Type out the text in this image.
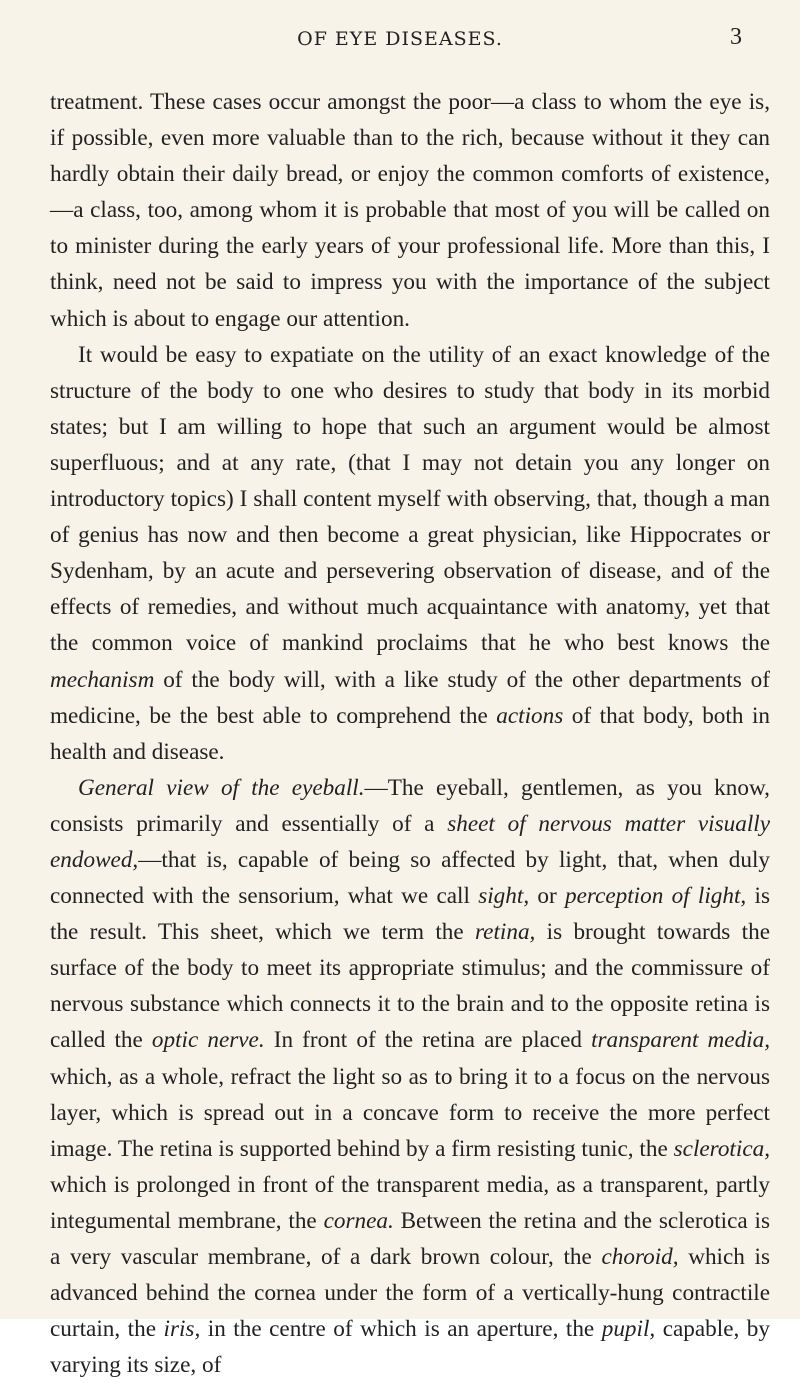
OF EYE DISEASES.	3

treatment. These cases occur amongst the poor—a class to whom the eye is, if possible, even more valuable than to the rich, because without it they can hardly obtain their daily bread, or enjoy the common comforts of existence,—a class, too, among whom it is probable that most of you will be called on to minister during the early years of your professional life. More than this, I think, need not be said to impress you with the importance of the subject which is about to engage our attention.

It would be easy to expatiate on the utility of an exact knowledge of the structure of the body to one who desires to study that body in its morbid states; but I am willing to hope that such an argument would be almost superfluous; and at any rate, (that I may not detain you any longer on introductory topics) I shall content myself with observing, that, though a man of genius has now and then become a great physician, like Hippocrates or Sydenham, by an acute and persevering observation of disease, and of the effects of remedies, and without much acquaintance with anatomy, yet that the common voice of mankind proclaims that he who best knows the mechanism of the body will, with a like study of the other departments of medicine, be the best able to comprehend the actions of that body, both in health and disease.

General view of the eyeball.—The eyeball, gentlemen, as you know, consists primarily and essentially of a sheet of nervous matter visually endowed,—that is, capable of being so affected by light, that, when duly connected with the sensorium, what we call sight, or perception of light, is the result. This sheet, which we term the retina, is brought towards the surface of the body to meet its appropriate stimulus; and the commissure of nervous substance which connects it to the brain and to the opposite retina is called the optic nerve. In front of the retina are placed transparent media, which, as a whole, refract the light so as to bring it to a focus on the nervous layer, which is spread out in a concave form to receive the more perfect image. The retina is supported behind by a firm resisting tunic, the sclerotica, which is prolonged in front of the transparent media, as a transparent, partly integumental membrane, the cornea. Between the retina and the sclerotica is a very vascular membrane, of a dark brown colour, the choroid, which is advanced behind the cornea under the form of a vertically-hung contractile curtain, the iris, in the centre of which is an aperture, the pupil, capable, by varying its size, of
